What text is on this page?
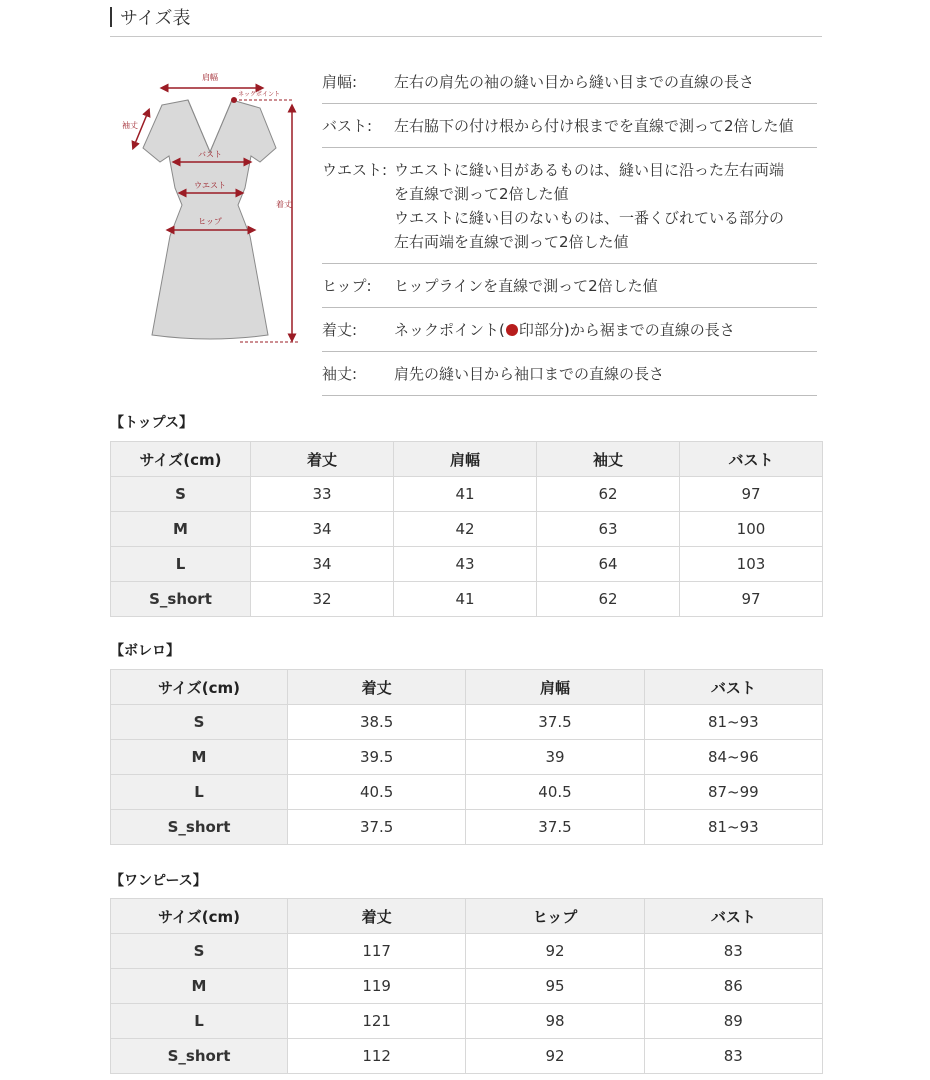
サイズ表
肩幅
ネックポイント
袖丈
バスト
ウエスト
ヒップ
着丈
肩幅:	左右の肩先の袖の縫い目から縫い目までの直線の長さ
バスト:	左右脇下の付け根から付け根までを直線で測って2倍した値
ウエスト: ウエストに縫い目があるものは、縫い目に沿った左右両端
を直線で測って2倍した値
ウエストに縫い目のないものは、一番くびれている部分の
左右両端を直線で測って2倍した値
ヒップ:	ヒップラインを直線で測って2倍した値
着丈:	ネックポイント( 印部分)から裾までの直線の長さ
袖丈:	肩先の縫い目から袖口までの直線の長さ
【トップス】
サイズ(cm)	着丈	肩幅	袖丈	バスト
S	33	41	62	97
M	34	42	63	100
L	34	43	64	103
S_short	32	41	62	97
【ボレロ】
サイズ(cm)	着丈	肩幅	バスト
S	38.5	37.5	81~93
M	39.5	39	84~96
L	40.5	40.5	87~99
S_short	37.5	37.5	81~93
【ワンピース】
サイズ(cm)	着丈	ヒップ	バスト
S	117	92	83
M	119	95	86
L	121	98	89
S_short	112	92	83
